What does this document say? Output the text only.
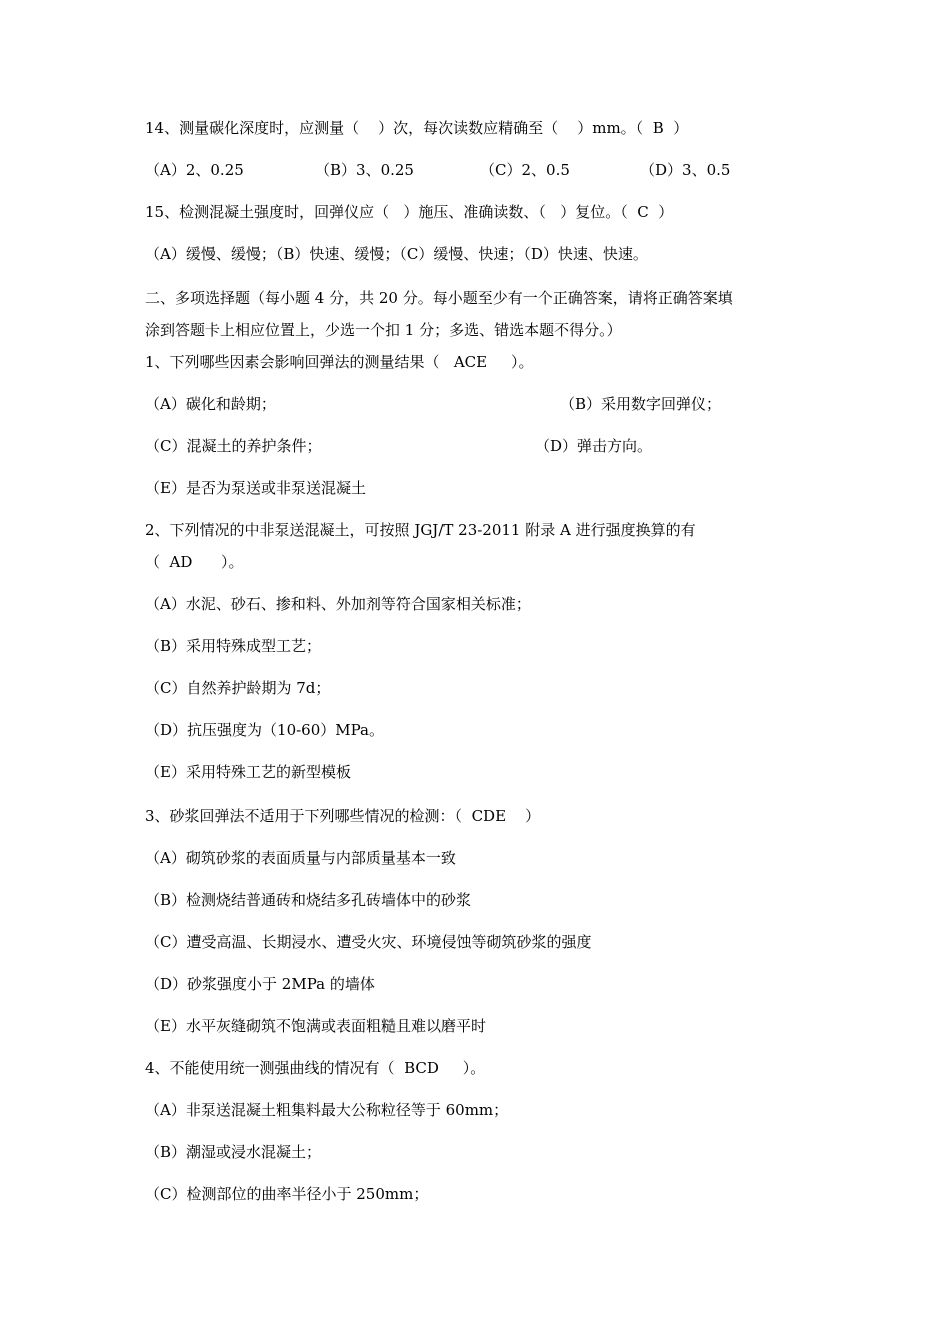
14、测量碳化深度时，应测量（    ）次，每次读数应精确至（    ）mm。（  B  ）
（A）2、0.25	（B）3、0.25	（C）2、0.5	（D）3、0.5
15、检测混凝土强度时，回弹仪应（   ）施压、准确读数、（   ）复位。（  C  ）
（A）缓慢、缓慢；（B）快速、缓慢；（C）缓慢、快速；（D）快速、快速。
二、多项选择题（每小题 4 分，共 20 分。每小题至少有一个正确答案，请将正确答案填
涂到答题卡上相应位置上，少选一个扣 1 分；多选、错选本题不得分。）
1、下列哪些因素会影响回弹法的测量结果（   ACE     ）。
（A）碳化和龄期；	（B）采用数字回弹仪；
（C）混凝土的养护条件；	（D）弹击方向。
（E）是否为泵送或非泵送混凝土
2、下列情况的中非泵送混凝土，可按照 JGJ/T 23-2011 附录 A 进行强度换算的有
（  AD      ）。
（A）水泥、砂石、掺和料、外加剂等符合国家相关标准；
（B）采用特殊成型工艺；
（C）自然养护龄期为 7d；
（D）抗压强度为（10-60）MPa。
（E）采用特殊工艺的新型模板
3、砂浆回弹法不适用于下列哪些情况的检测：（  CDE    ）
（A）砌筑砂浆的表面质量与内部质量基本一致
（B）检测烧结普通砖和烧结多孔砖墙体中的砂浆
（C）遭受高温、长期浸水、遭受火灾、环境侵蚀等砌筑砂浆的强度
（D）砂浆强度小于 2MPa 的墙体
（E）水平灰缝砌筑不饱满或表面粗糙且难以磨平时
4、不能使用统一测强曲线的情况有（  BCD     ）。
（A）非泵送混凝土粗集料最大公称粒径等于 60mm；
（B）潮湿或浸水混凝土；
（C）检测部位的曲率半径小于 250mm；
